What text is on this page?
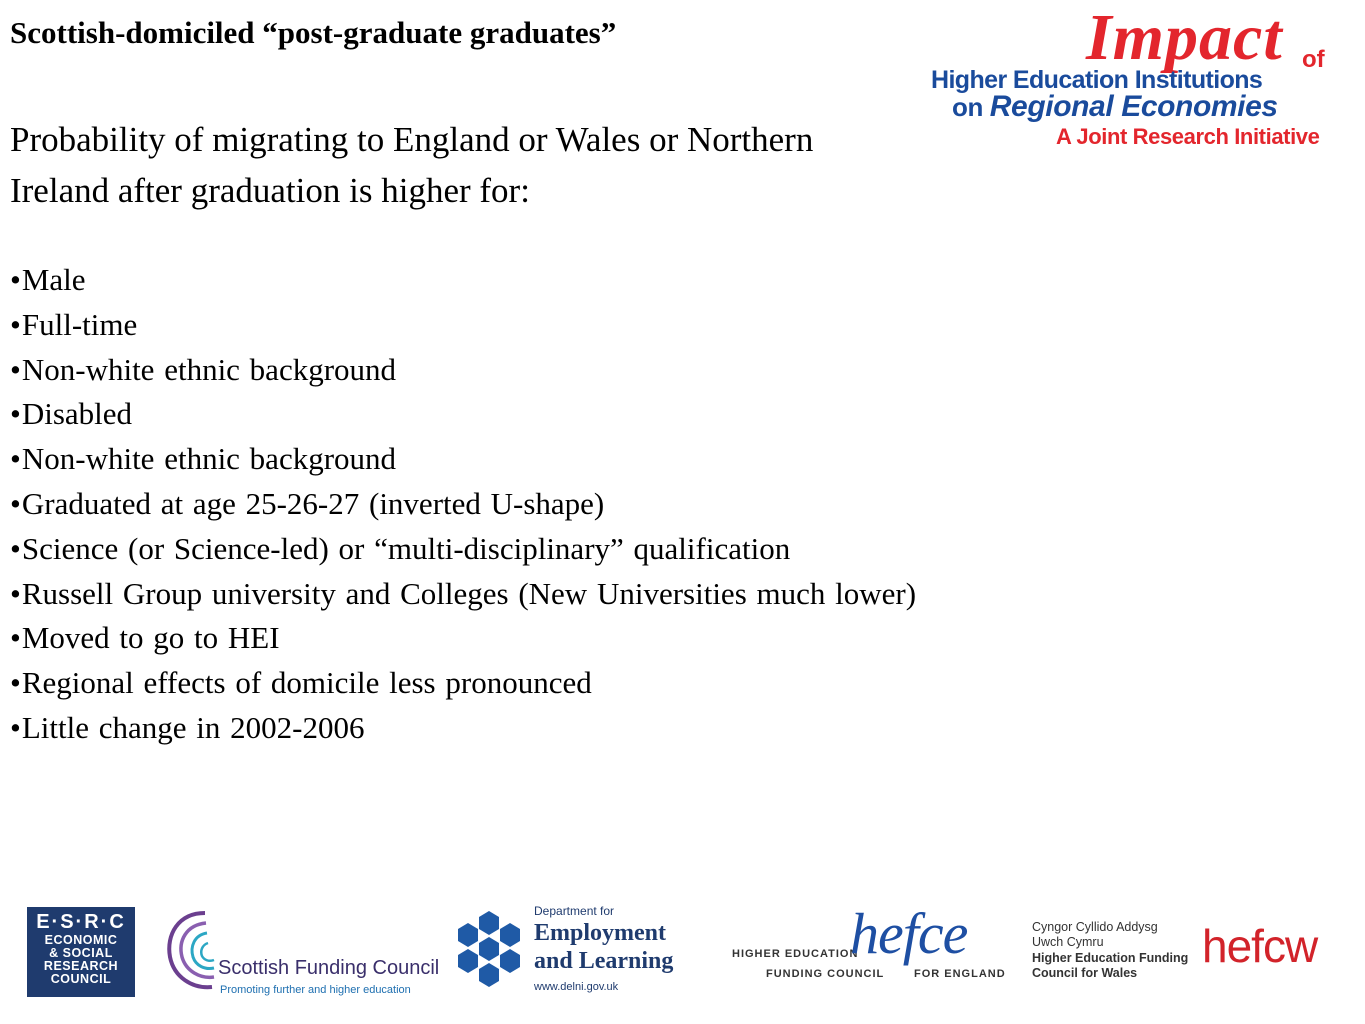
Scottish-domiciled “post-graduate graduates”

Probability of migrating to England or Wales or Northern Ireland after graduation is higher for:

• Male
• Full-time
• Non-white ethnic background
• Disabled
• Non-white ethnic background
• Graduated at age 25-26-27 (inverted U-shape)
• Science (or Science-led) or “multi-disciplinary” qualification
• Russell Group university and Colleges (New Universities much lower)
• Moved to go to HEI
• Regional effects of domicile less pronounced
• Little change in 2002-2006
Impact of
Higher Education Institutions
on Regional Economies
A Joint Research Initiative
E·S·R·C
ECONOMIC
& SOCIAL
RESEARCH
COUNCIL	Scottish Funding Council
Promoting further and higher education
Department for
Employment
and Learning
www.delni.gov.uk
HIGHER EDUCATION
hefce
FUNDING COUNCIL	FOR ENGLAND
Cyngor Cyllido Addysg
Uwch Cymru
Higher Education Funding
Council for Wales
hefcw
